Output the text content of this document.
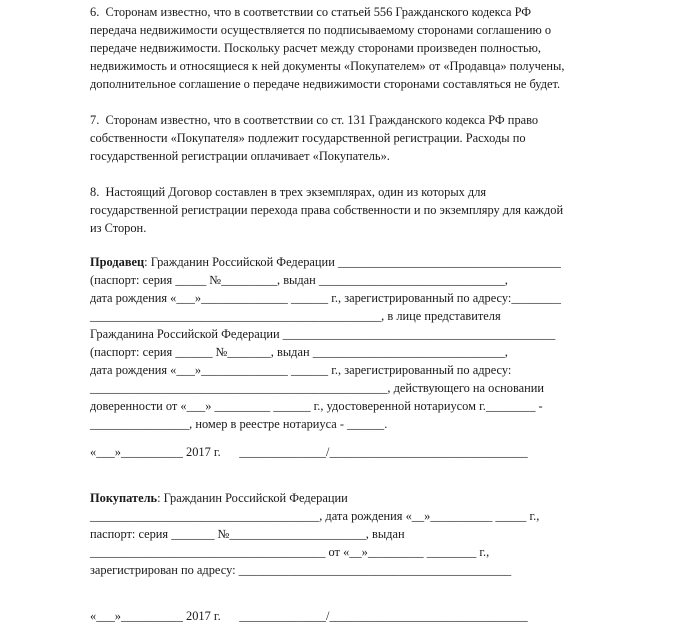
6.  Сторонам известно, что в соответствии со статьей 556 Гражданского кодекса РФ
передача недвижимости осуществляется по подписываемому сторонами соглашению о
передаче недвижимости. Поскольку расчет между сторонами произведен полностью,
недвижимость и относящиеся к ней документы «Покупателем» от «Продавца» получены,
дополнительное соглашение о передаче недвижимости сторонами составляться не будет.
7.  Сторонам известно, что в соответствии со ст. 131 Гражданского кодекса РФ право
собственности «Покупателя» подлежит государственной регистрации. Расходы по
государственной регистрации оплачивает «Покупатель».
8.  Настоящий Договор составлен в трех экземплярах, один из которых для
государственной регистрации перехода права собственности и по экземпляру для каждой
из Сторон.
Продавец: Гражданин Российской Федерации ____________________________________
(паспорт: серия _____ №_________, выдан ______________________________,
дата рождения «___»______________ ______ г., зарегистрированный по адресу:________
_______________________________________________, в лице представителя
Гражданина Российской Федерации ____________________________________________
(паспорт: серия ______ №_______, выдан _______________________________,
дата рождения «___»______________ ______ г., зарегистрированный по адресу:
________________________________________________, действующего на основании
доверенности от «___» _________ ______ г., удостоверенной нотариусом г.________ -
________________, номер в реестре нотариуса - ______.
«___»__________ 2017 г.      ______________/________________________________
Покупатель: Гражданин Российской Федерации
_____________________________________, дата рождения «__»__________ _____ г.,
паспорт: серия _______ №______________________, выдан
______________________________________ от «__»_________ ________ г.,
зарегистрирован по адресу: ____________________________________________
«___»__________ 2017 г.      ______________/________________________________
